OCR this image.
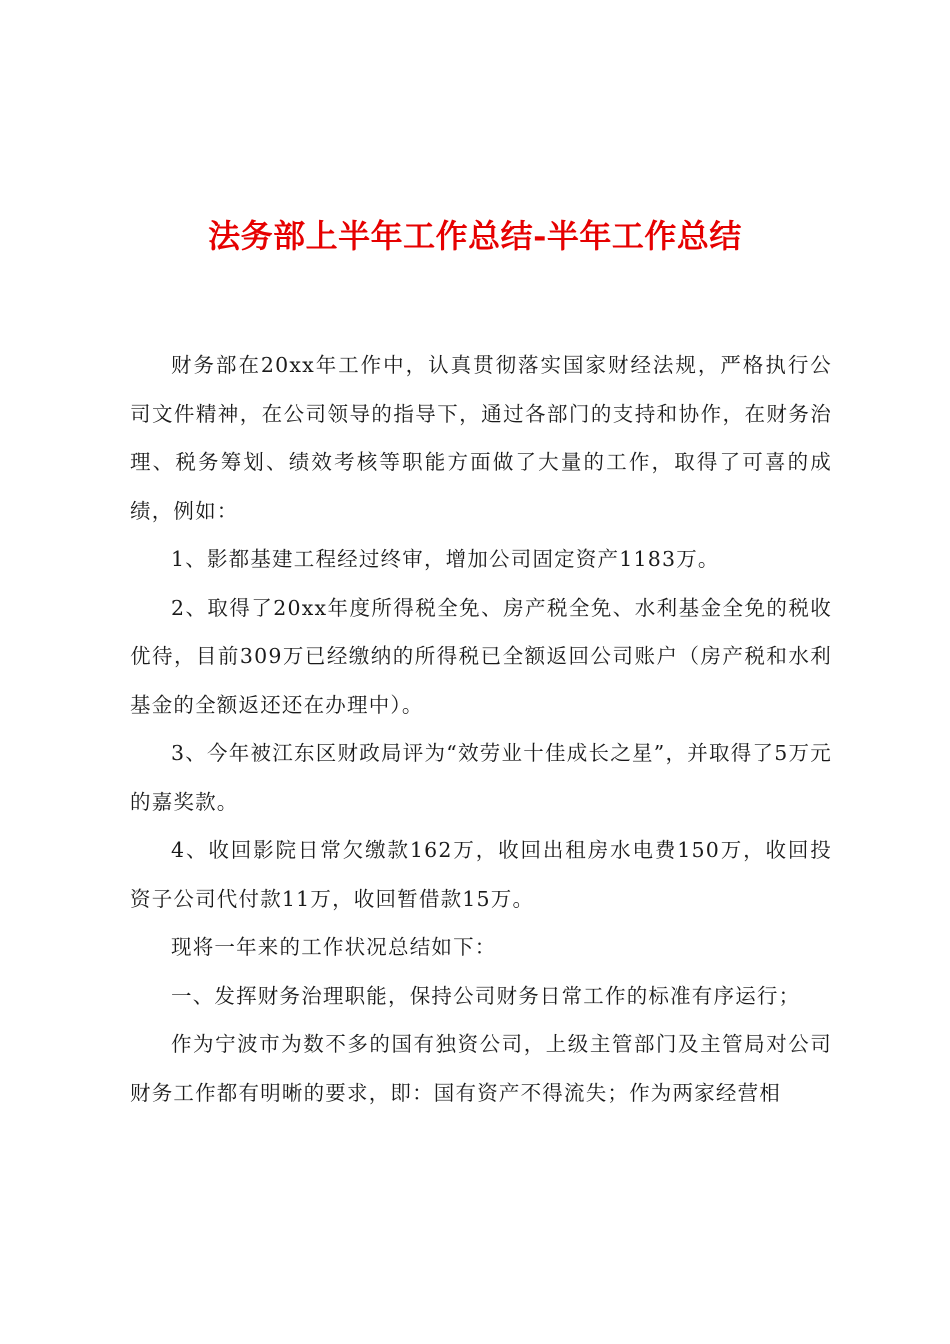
法务部上半年工作总结-半年工作总结

财务部在20xx年工作中，认真贯彻落实国家财经法规，严格执行公司文件精神，在公司领导的指导下，通过各部门的支持和协作，在财务治理、税务筹划、绩效考核等职能方面做了大量的工作，取得了可喜的成绩，例如：

1、影都基建工程经过终审，增加公司固定资产1183万。

2、取得了20xx年度所得税全免、房产税全免、水利基金全免的税收优待，目前309万已经缴纳的所得税已全额返回公司账户（房产税和水利基金的全额返还还在办理中）。

3、今年被江东区财政局评为“效劳业十佳成长之星”，并取得了5万元的嘉奖款。

4、收回影院日常欠缴款162万，收回出租房水电费150万，收回投资子公司代付款11万，收回暂借款15万。

现将一年来的工作状况总结如下：

一、发挥财务治理职能，保持公司财务日常工作的标准有序运行；

作为宁波市为数不多的国有独资公司，上级主管部门及主管局对公司财务工作都有明晰的要求，即：国有资产不得流失；作为两家经营相
